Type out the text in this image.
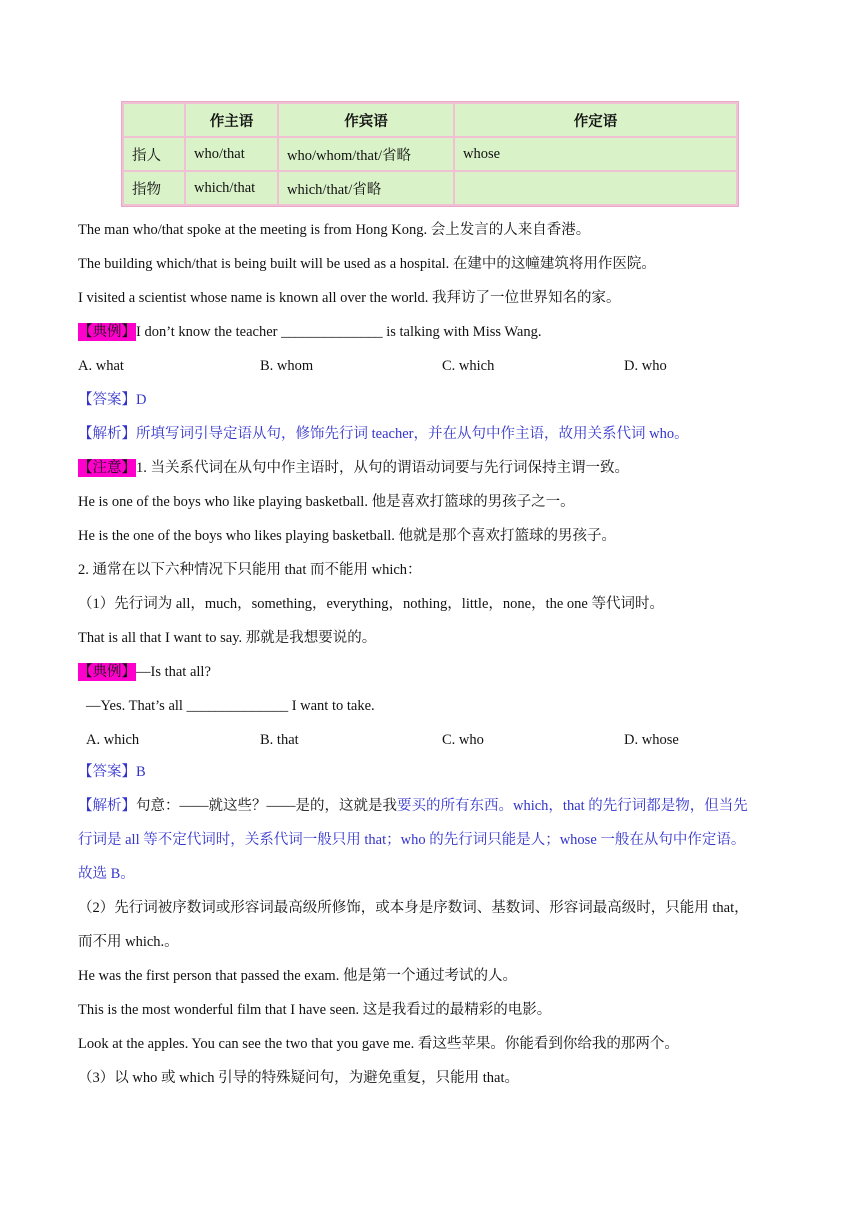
	作主语	作宾语	作定语
指人	who/that	who/whom/that/省略	whose
指物	which/that	which/that/省略	
The man who/that spoke at the meeting is from Hong Kong. 会上发言的人来自香港。
The building which/that is being built will be used as a hospital. 在建中的这幢建筑将用作医院。
I visited a scientist whose name is known all over the world. 我拜访了一位世界知名的家。
【典例】I don’t know the teacher ______________ is talking with Miss Wang.
A. what	B. whom	C. which	D. who
【答案】D
【解析】所填写词引导定语从句，修饰先行词 teacher，并在从句中作主语，故用关系代词 who。
【注意】1. 当关系代词在从句中作主语时，从句的谓语动词要与先行词保持主谓一致。
He is one of the boys who like playing basketball. 他是喜欢打篮球的男孩子之一。
He is the one of the boys who likes playing basketball. 他就是那个喜欢打篮球的男孩子。
2. 通常在以下六种情况下只能用 that 而不能用 which：
（1）先行词为 all，much，something，everything，nothing，little，none，the one 等代词时。
That is all that I want to say. 那就是我想要说的。
【典例】—Is that all?
—Yes. That’s all ______________ I want to take.
A. which	B. that	C. who	D. whose
【答案】B
【解析】句意：——就这些？——是的，这就是我要买的所有东西。which，that 的先行词都是物，但当先
行词是 all 等不定代词时，关系代词一般只用 that；who 的先行词只能是人；whose 一般在从句中作定语。
故选 B。
（2）先行词被序数词或形容词最高级所修饰，或本身是序数词、基数词、形容词最高级时，只能用 that，
而不用 which.。
He was the first person that passed the exam. 他是第一个通过考试的人。
This is the most wonderful film that I have seen. 这是我看过的最精彩的电影。
Look at the apples. You can see the two that you gave me. 看这些苹果。你能看到你给我的那两个。
（3）以 who 或 which 引导的特殊疑问句，为避免重复，只能用 that。
